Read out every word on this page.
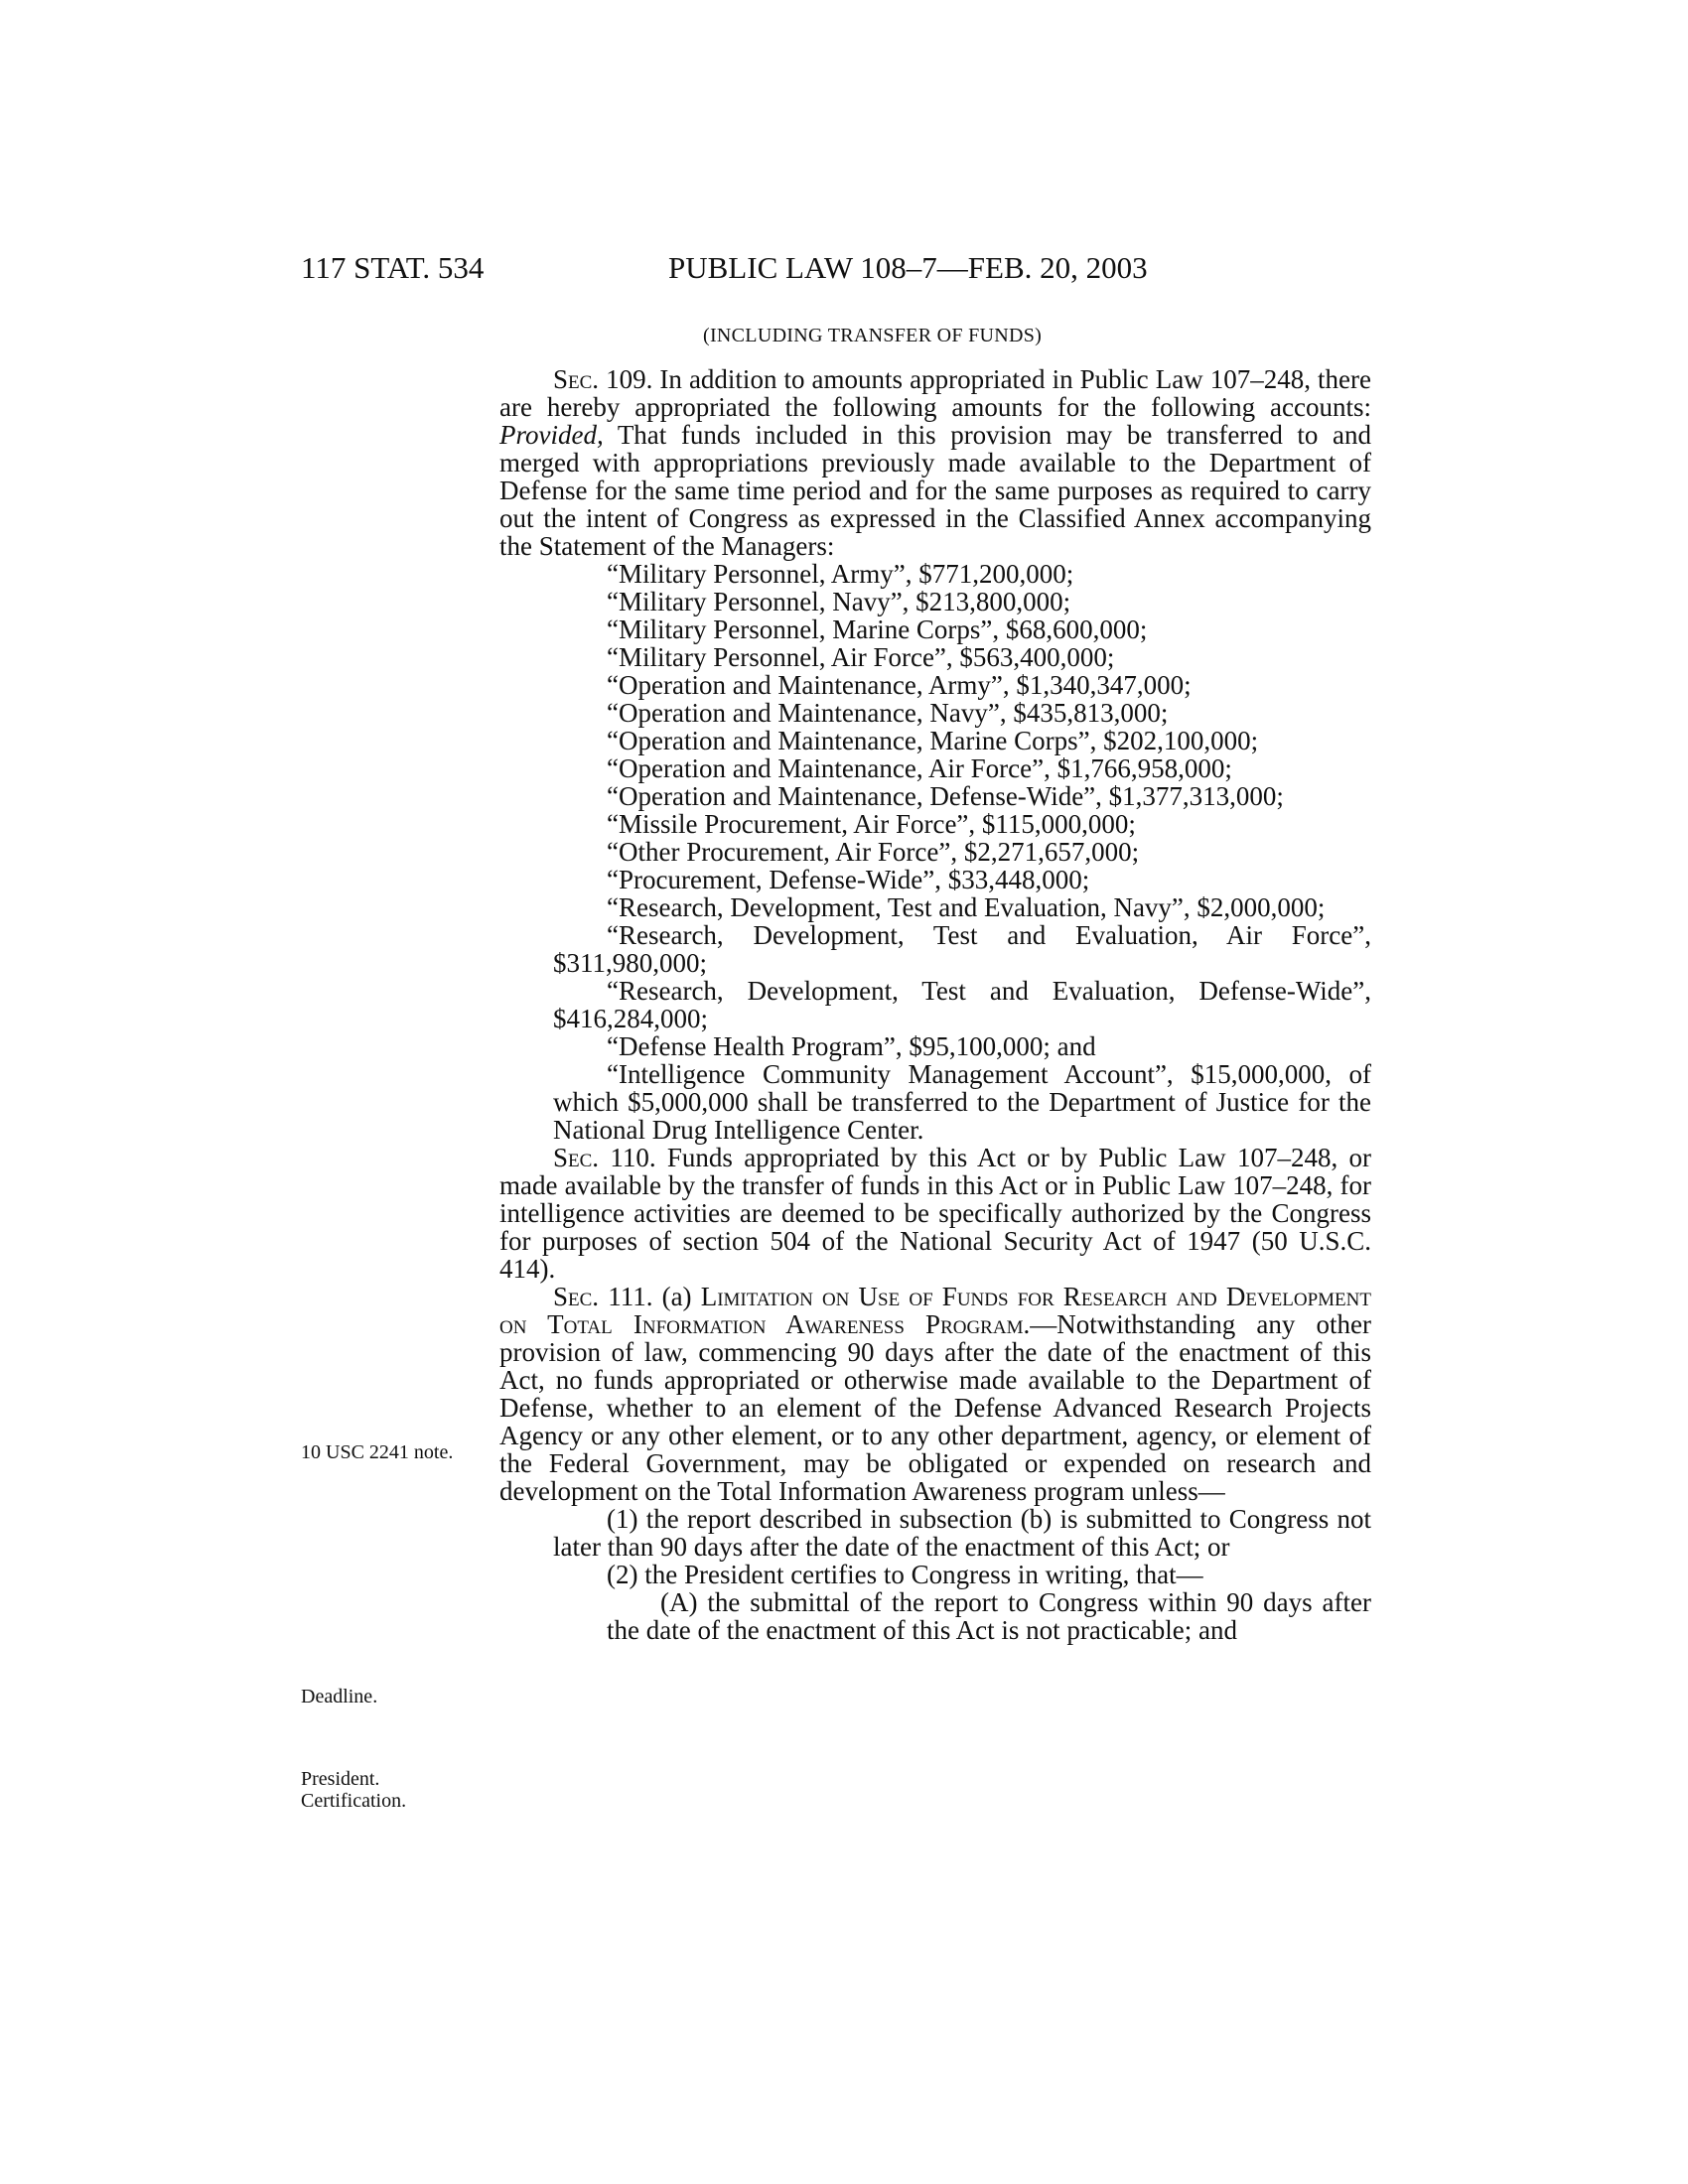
117 STAT. 534	PUBLIC LAW 108–7—FEB. 20, 2003
(INCLUDING TRANSFER OF FUNDS)
10 USC 2241 note.
Deadline.
President.
Certification.

Sec. 109. In addition to amounts appropriated in Public Law 107–248, there are hereby appropriated the following amounts for the following accounts: Provided, That funds included in this provision may be transferred to and merged with appropriations previously made available to the Department of Defense for the same time period and for the same purposes as required to carry out the intent of Congress as expressed in the Classified Annex accompanying the Statement of the Managers:

“Military Personnel, Army”, $771,200,000;

“Military Personnel, Navy”, $213,800,000;

“Military Personnel, Marine Corps”, $68,600,000;

“Military Personnel, Air Force”, $563,400,000;

“Operation and Maintenance, Army”, $1,340,347,000;

“Operation and Maintenance, Navy”, $435,813,000;

“Operation and Maintenance, Marine Corps”, $202,100,000;

“Operation and Maintenance, Air Force”, $1,766,958,000;

“Operation and Maintenance, Defense-Wide”, $1,377,313,000;

“Missile Procurement, Air Force”, $115,000,000;

“Other Procurement, Air Force”, $2,271,657,000;

“Procurement, Defense-Wide”, $33,448,000;

“Research, Development, Test and Evaluation, Navy”, $2,000,000;

“Research, Development, Test and Evaluation, Air Force”, $311,980,000;

“Research, Development, Test and Evaluation, Defense-Wide”, $416,284,000;

“Defense Health Program”, $95,100,000; and

“Intelligence Community Management Account”, $15,000,000, of which $5,000,000 shall be transferred to the Department of Justice for the National Drug Intelligence Center.

Sec. 110. Funds appropriated by this Act or by Public Law 107–248, or made available by the transfer of funds in this Act or in Public Law 107–248, for intelligence activities are deemed to be specifically authorized by the Congress for purposes of section 504 of the National Security Act of 1947 (50 U.S.C. 414).

Sec. 111. (a) Limitation on Use of Funds for Research and Development on Total Information Awareness Program.—Notwithstanding any other provision of law, commencing 90 days after the date of the enactment of this Act, no funds appropriated or otherwise made available to the Department of Defense, whether to an element of the Defense Advanced Research Projects Agency or any other element, or to any other department, agency, or element of the Federal Government, may be obligated or expended on research and development on the Total Information Awareness program unless—

(1) the report described in subsection (b) is submitted to Congress not later than 90 days after the date of the enactment of this Act; or

(2) the President certifies to Congress in writing, that—

(A) the submittal of the report to Congress within 90 days after the date of the enactment of this Act is not practicable; and
